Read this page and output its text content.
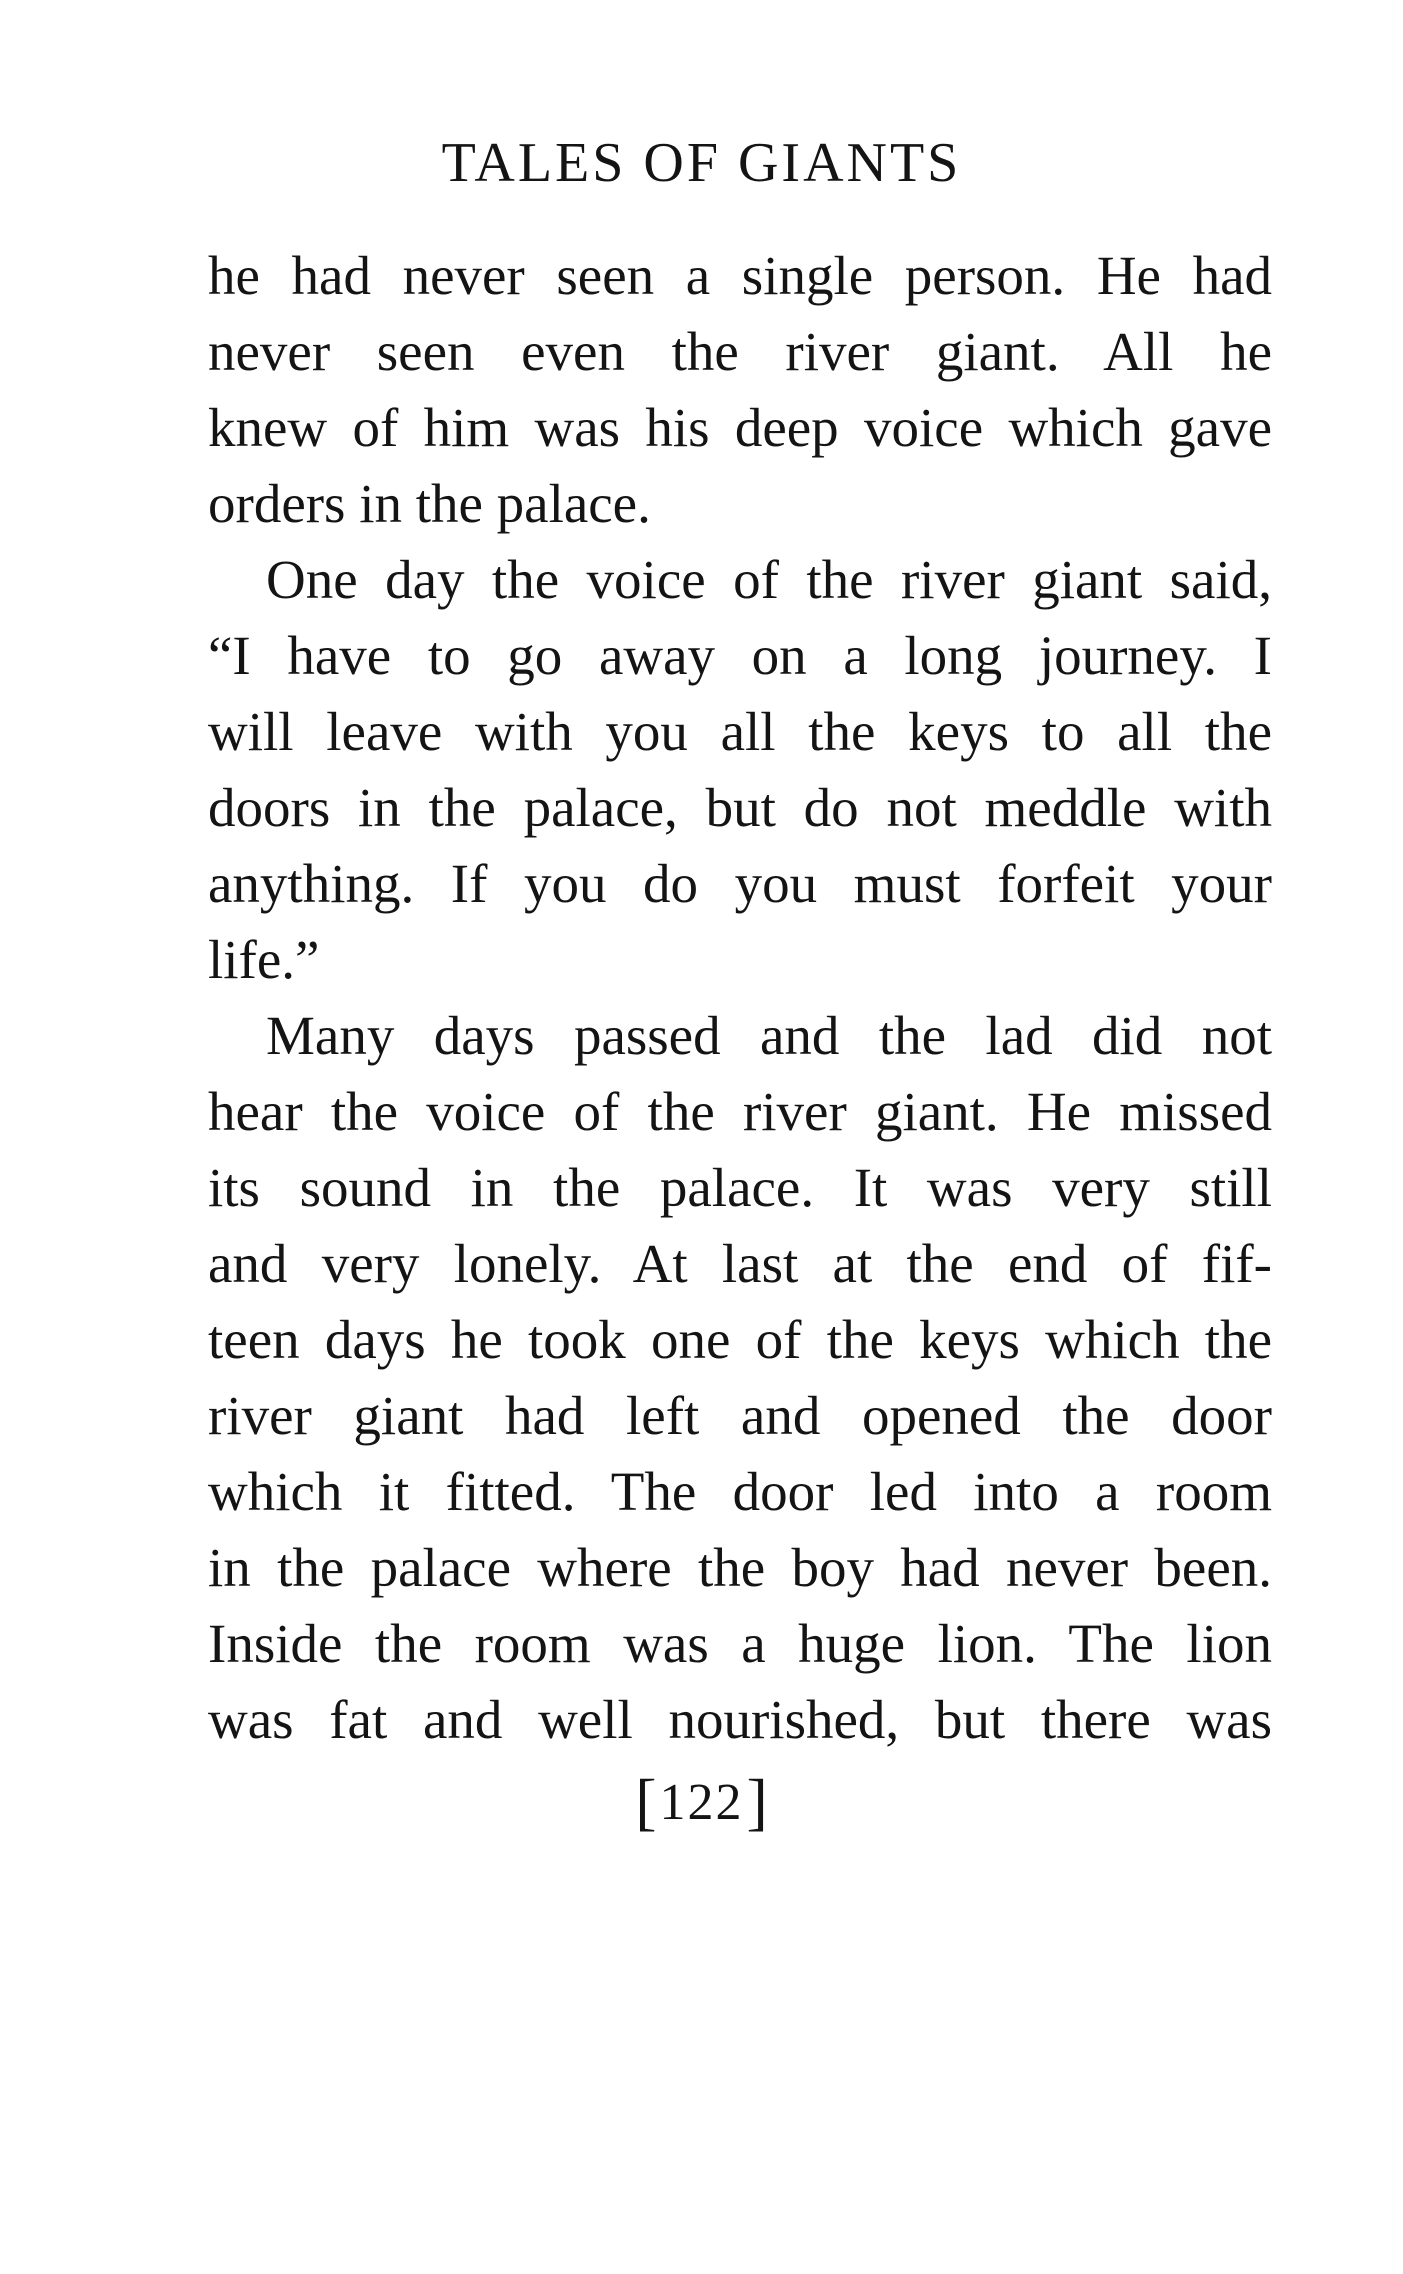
TALES OF GIANTS
he had never seen a single person. He had
never seen even the river giant. All he
knew of him was his deep voice which gave
orders in the palace.
One day the voice of the river giant said,
“I have to go away on a long journey. I
will leave with you all the keys to all the
doors in the palace, but do not meddle with
anything. If you do you must forfeit your
life.”
Many days passed and the lad did not
hear the voice of the river giant. He missed
its sound in the palace. It was very still
and very lonely. At last at the end of fif-
teen days he took one of the keys which the
river giant had left and opened the door
which it fitted. The door led into a room
in the palace where the boy had never been.
Inside the room was a huge lion. The lion
was fat and well nourished, but there was
[122]
